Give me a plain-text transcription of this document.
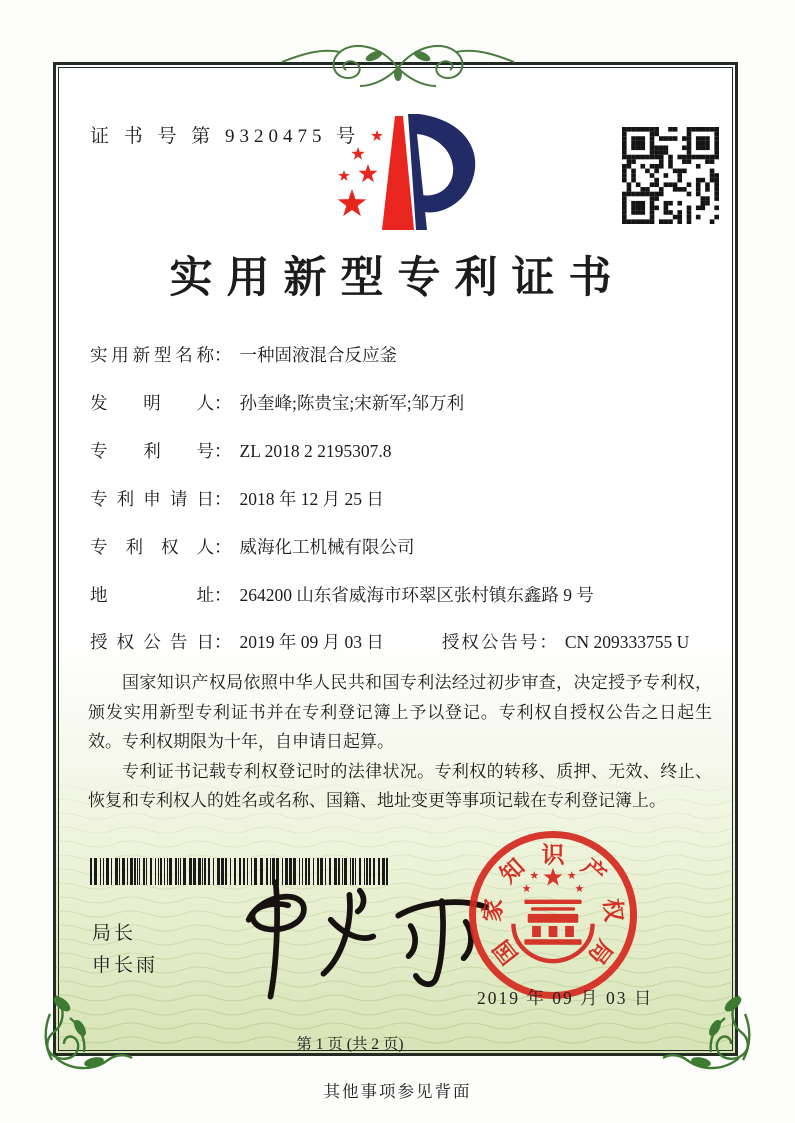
证 书 号 第 9320475 号
实用新型专利证书
实用新型名称： 一种固液混合反应釜
发明人： 孙奎峰;陈贵宝;宋新军;邹万利
专利号： ZL 2018 2 2195307.8
专利申请日： 2018 年 12 月 25 日
专利权人： 威海化工机械有限公司
地址： 264200 山东省威海市环翠区张村镇东鑫路 9 号
授权公告日： 2019 年 09 月 03 日	授权公告号： CN 209333755 U

国家知识产权局依照中华人民共和国专利法经过初步审查，决定授予专利权，颁发实用新型专利证书并在专利登记簿上予以登记。专利权自授权公告之日起生效。专利权期限为十年，自申请日起算。

专利证书记载专利权登记时的法律状况。专利权的转移、质押、无效、终止、恢复和专利权人的姓名或名称、国籍、地址变更等事项记载在专利登记簿上。

局长
申长雨	国
家
知 识 产
权
局
2019 年 09 月 03 日
第 1 页 (共 2 页)
其他事项参见背面
